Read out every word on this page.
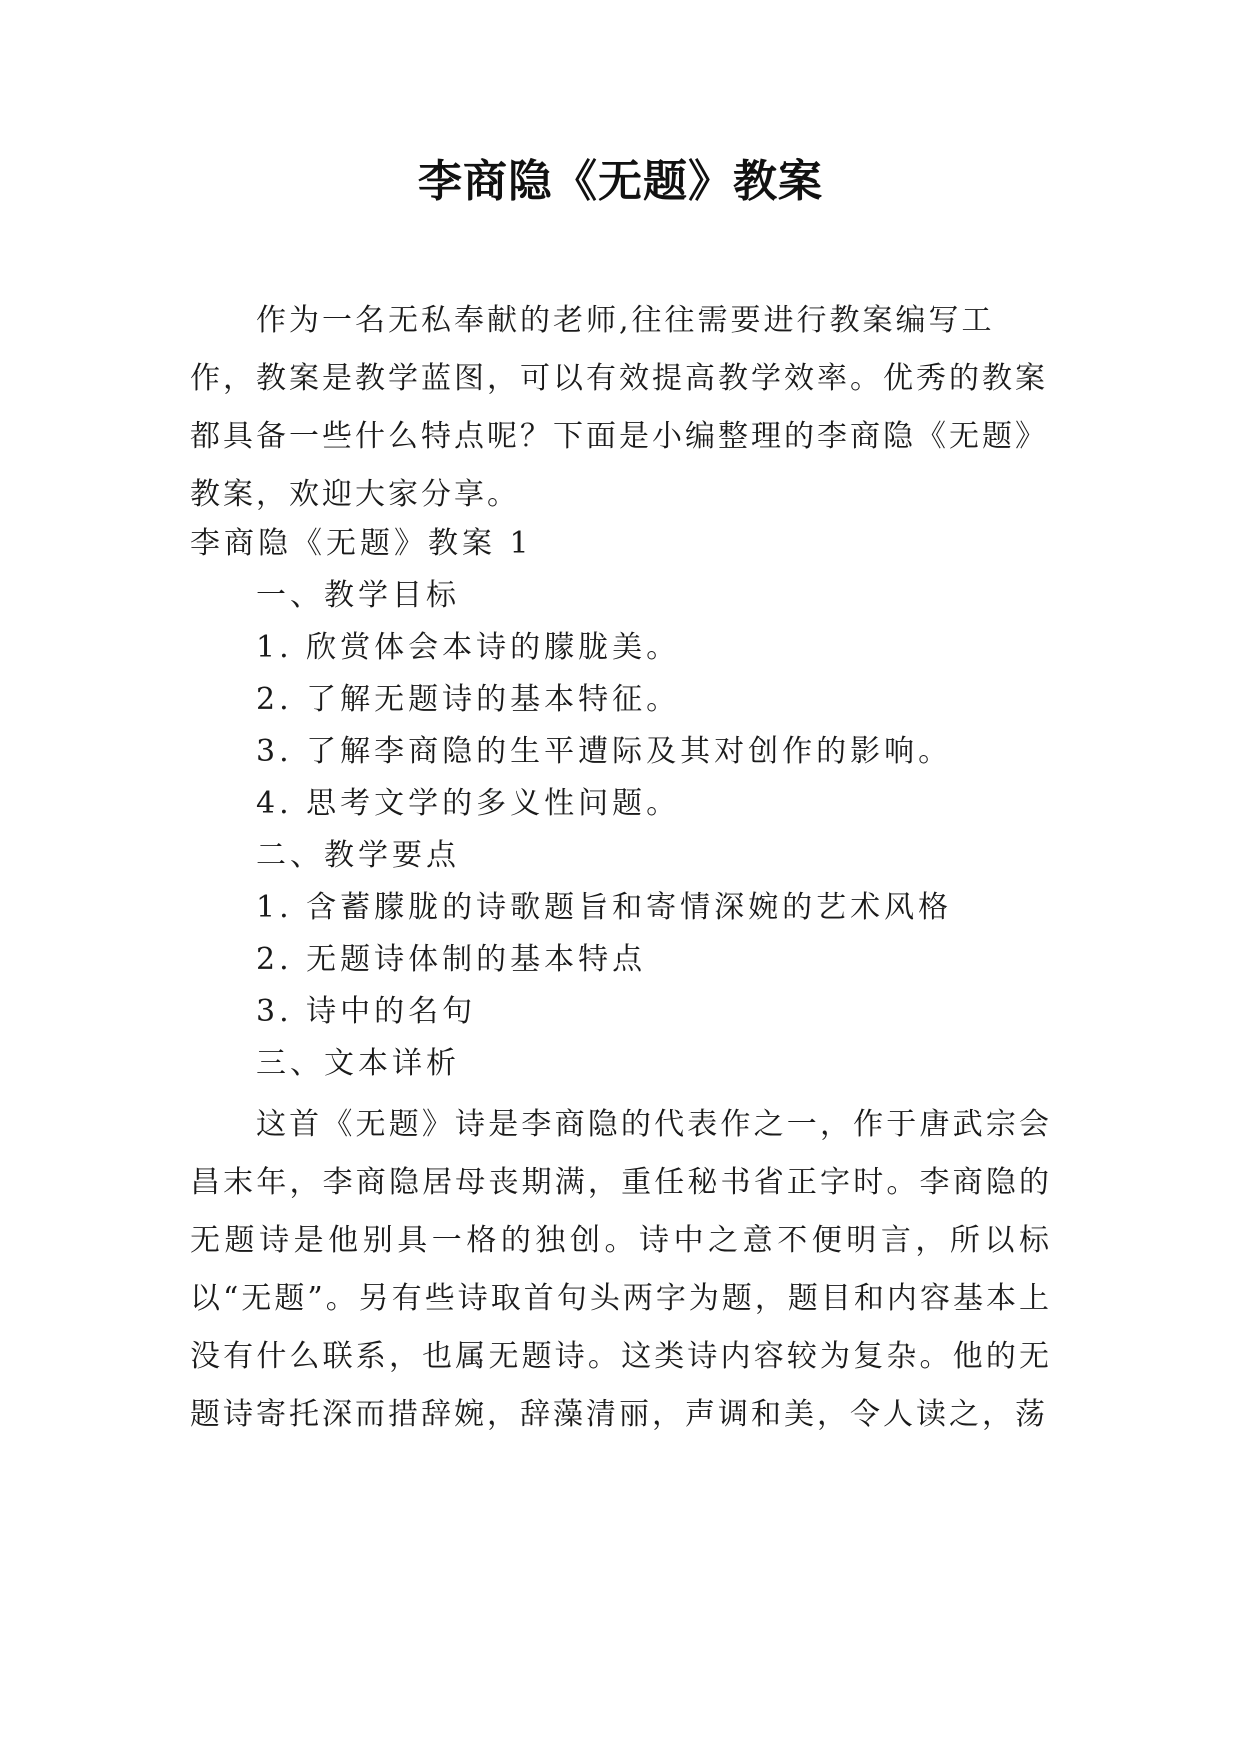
李商隐《无题》教案
作为一名无私奉献的老师,往往需要进行教案编写工作，教案是教学蓝图，可以有效提高教学效率。优秀的教案都具备一些什么特点呢？下面是小编整理的李商隐《无题》教案，欢迎大家分享。
李商隐《无题》教案 1
一、教学目标
1. 欣赏体会本诗的朦胧美。
2. 了解无题诗的基本特征。
3. 了解李商隐的生平遭际及其对创作的影响。
4. 思考文学的多义性问题。
二、教学要点
1. 含蓄朦胧的诗歌题旨和寄情深婉的艺术风格
2. 无题诗体制的基本特点
3. 诗中的名句
三、文本详析
这首《无题》诗是李商隐的代表作之一，作于唐武宗会昌末年，李商隐居母丧期满，重任秘书省正字时。李商隐的无题诗是他别具一格的独创。诗中之意不便明言，所以标以“无题”。另有些诗取首句头两字为题，题目和内容基本上没有什么联系，也属无题诗。这类诗内容较为复杂。他的无题诗寄托深而措辞婉，辞藻清丽，声调和美，令人读之，荡
